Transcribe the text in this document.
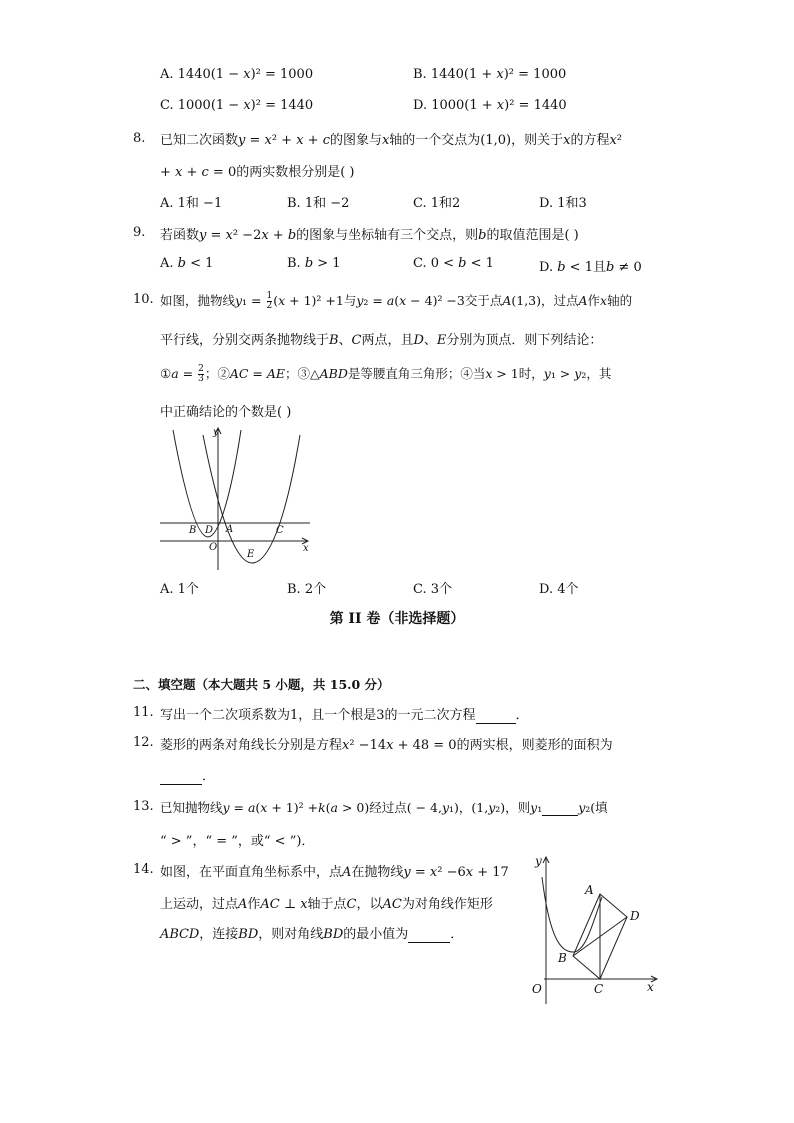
A. 1440(1 − 𝑥)² = 1000	B. 1440(1 + 𝑥)² = 1000
C. 1000(1 − 𝑥)² = 1440	D. 1000(1 + 𝑥)² = 1440
8. 已知二次函数𝑦 = 𝑥² + 𝑥 + 𝑐的图象与𝑥轴的一个交点为(1,0)，则关于𝑥的方程𝑥²
+ 𝑥 + 𝑐 = 0的两实数根分别是( )
A. 1和 −1	B. 1和 −2	C. 1和2	D. 1和3
9. 若函数𝑦 = 𝑥² −2𝑥 + 𝑏的图象与坐标轴有三个交点，则𝑏的取值范围是( )
A. 𝑏 < 1	B. 𝑏 > 1	C. 0 < 𝑏 < 1	D. 𝑏 < 1且𝑏 ≠ 0
10. 如图，抛物线𝑦₁ = $\frac{1}{2}$ (𝑥 + 1)² +1与𝑦₂ = 𝑎(𝑥 − 4)² −3交于点𝐴(1,3)，过点𝐴作𝑥轴的
平行线，分别交两条抛物线于𝐵、𝐶两点，且𝐷、𝐸分别为顶点．则下列结论：
①𝑎 = $\frac{2}{3}$ ；②𝐴𝐶 = 𝐴𝐸；③△𝐴𝐵𝐷是等腰直角三角形；④当𝑥 > 1时，𝑦₁ > 𝑦₂，其
中正确结论的个数是( )
y
x
O
B D A	C
E
A. 1个	B. 2个	C. 3个	D. 4个
第 II 卷（非选择题）
二、填空题（本大题共 5 小题，共 15.0 分）
11. 写出一个二次项系数为1，且一个根是3的一元二次方程	．
12. 菱形的两条对角线长分别是方程𝑥² −14𝑥 + 48 = 0的两实根，则菱形的面积为
．
13. 已知抛物线𝑦 = 𝑎(𝑥 + 1)² +𝑘(𝑎 > 0)经过点( − 4,𝑦₁)，(1,𝑦₂)，则𝑦₁	𝑦₂(填
“ > ”，“ = ”，或“ < ”)．
14. 如图，在平面直角坐标系中，点𝐴在抛物线𝑦 = 𝑥² −6𝑥 + 17
上运动，过点𝐴作𝐴𝐶 ⊥ 𝑥轴于点𝐶，以𝐴𝐶为对角线作矩形
𝐴𝐵𝐶𝐷，连接𝐵𝐷，则对角线𝐵𝐷的最小值为	．
y
x
O
A
B
C
D
